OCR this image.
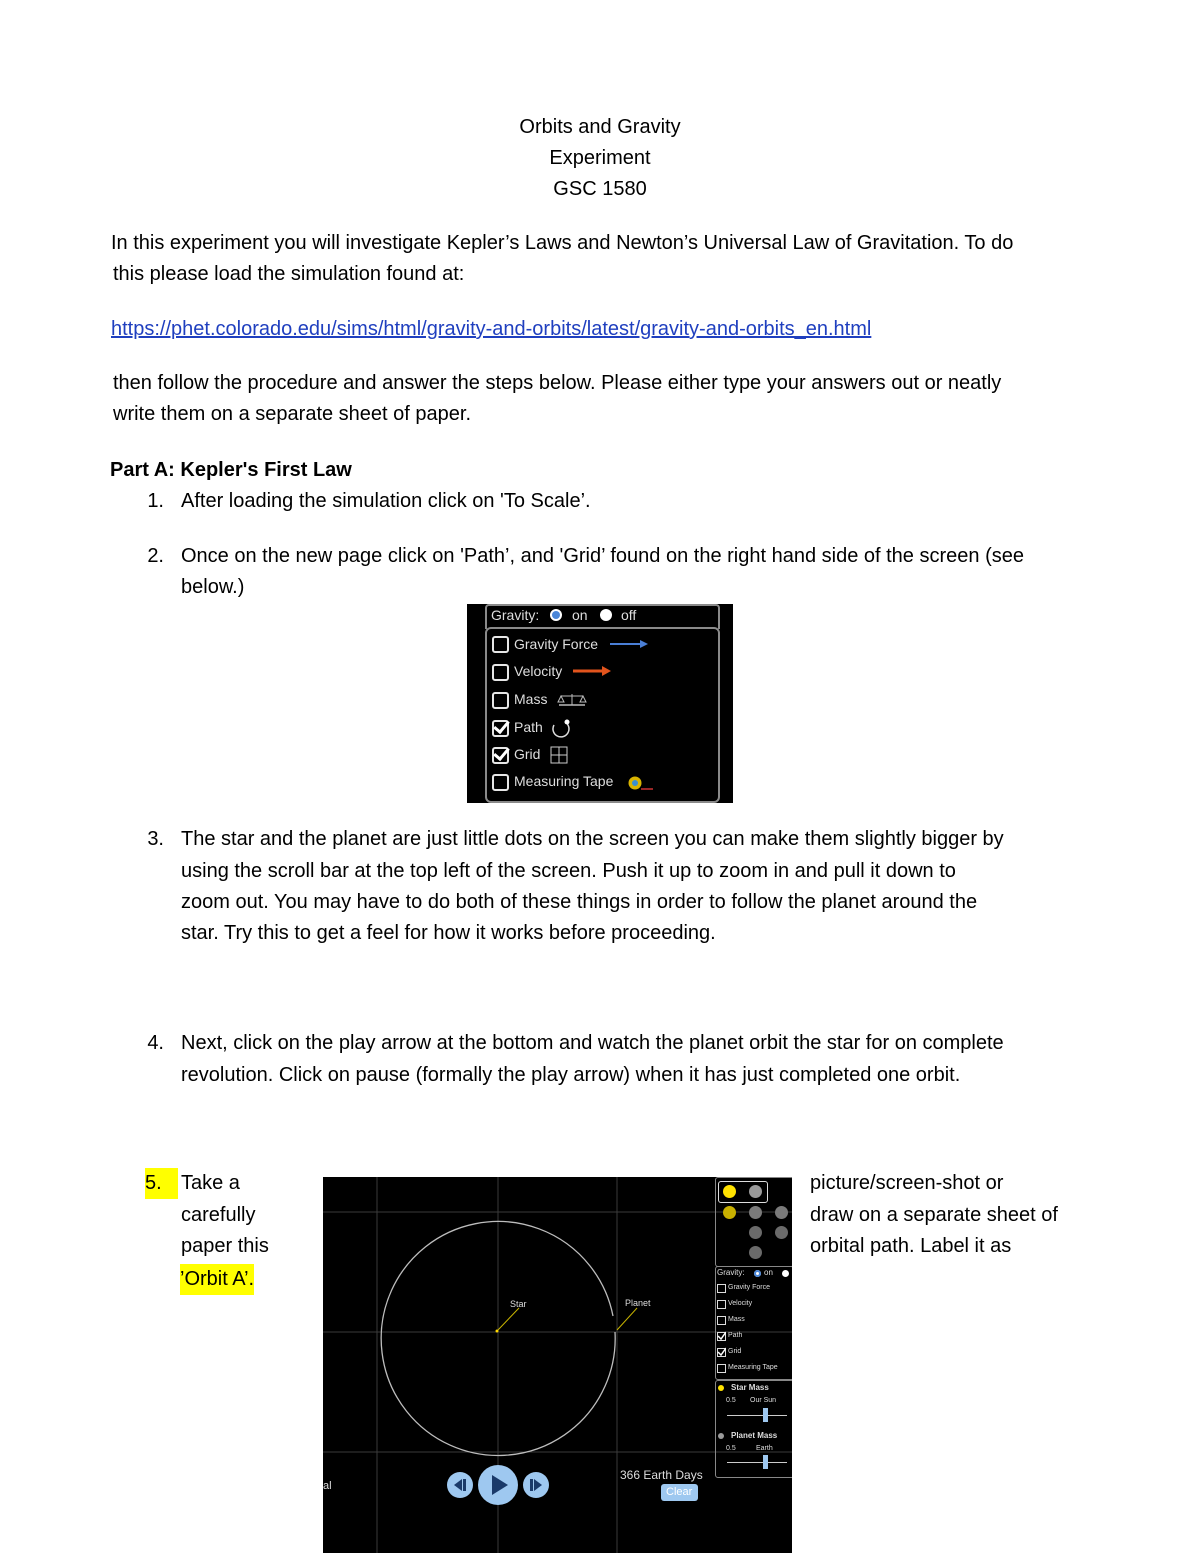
Orbits and Gravity
Experiment
GSC 1580
In this experiment you will investigate Kepler’s Laws and Newton’s Universal Law of Gravitation. To do
this please load the simulation found at:
https://phet.colorado.edu/sims/html/gravity-and-orbits/latest/gravity-and-orbits_en.html
then follow the procedure and answer the steps below. Please either type your answers out or neatly
write them on a separate sheet of paper.
Part A: Kepler's First Law
1. After loading the simulation click on 'To Scale’.
2. Once on the new page click on 'Path’, and 'Grid’ found on the right hand side of the screen (see
below.)
Gravity: on off
Gravity Force
Velocity
Mass
Path
Grid
Measuring Tape
3. The star and the planet are just little dots on the screen you can make them slightly bigger by
using the scroll bar at the top left of the screen. Push it up to zoom in and pull it down to
zoom out. You may have to do both of these things in order to follow the planet around the
star. Try this to get a feel for how it works before proceeding.
4. Next, click on the play arrow at the bottom and watch the planet orbit the star for on complete
revolution. Click on pause (formally the play arrow) when it has just completed one orbit.
5. Take a
carefully
paper this
’Orbit A’.
picture/screen-shot or
draw on a separate sheet of
orbital path. Label it as
Star	Planet
al
366 Earth Days
Clear
Gravity: on
Gravity Force
Velocity
Mass
Path
Grid
Measuring Tape
Star Mass
0.5 Our Sun
Planet Mass
0.5	Earth
